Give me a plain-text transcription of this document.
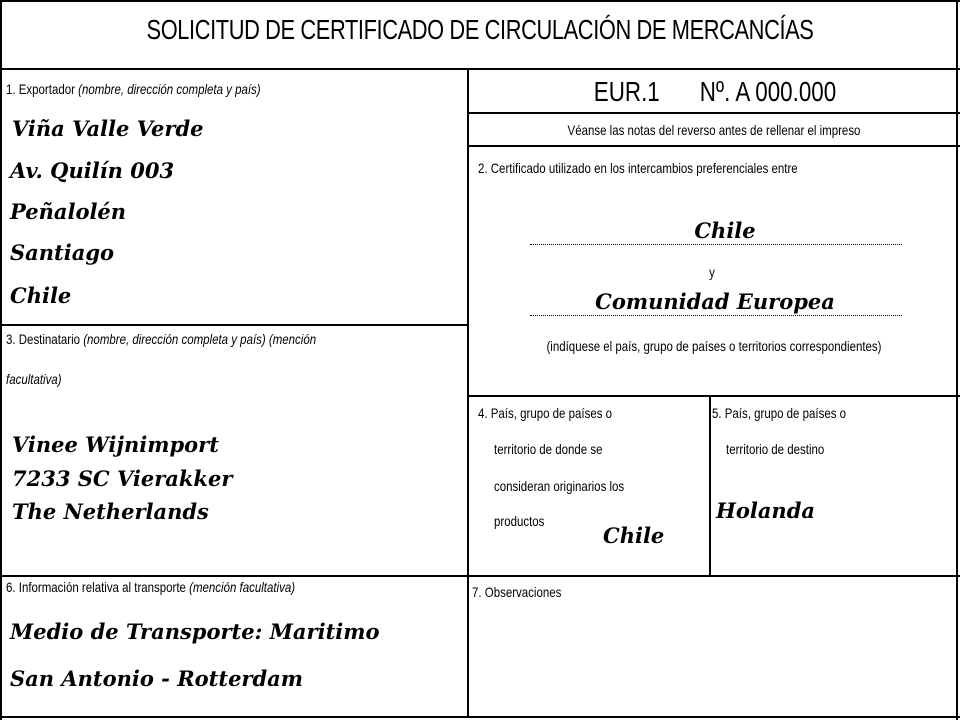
SOLICITUD DE CERTIFICADO DE CIRCULACIÓN DE MERCANCÍAS
1. Exportador (nombre, dirección completa y país)
Viña Valle Verde
Av. Quilín 003
Peñalolén
Santiago
Chile
EUR.1 Nº. A 000.000
Véanse las notas del reverso antes de rellenar el impreso
2. Certificado utilizado en los intercambios preferenciales entre
Chile
y
Comunidad Europea
(indíquese el país, grupo de países o territorios correspondientes)
3. Destinatario (nombre, dirección completa y país) (mención
facultativa)
Vinee Wijnimport
7233 SC Vierakker
The Netherlands
4. País, grupo de países o
territorio de donde se
consideran originarios los
productos
Chile
5. País, grupo de países o
territorio de destino
Holanda
6. Información relativa al transporte (mención facultativa)
Medio de Transporte: Maritimo
San Antonio - Rotterdam
7. Observaciones
